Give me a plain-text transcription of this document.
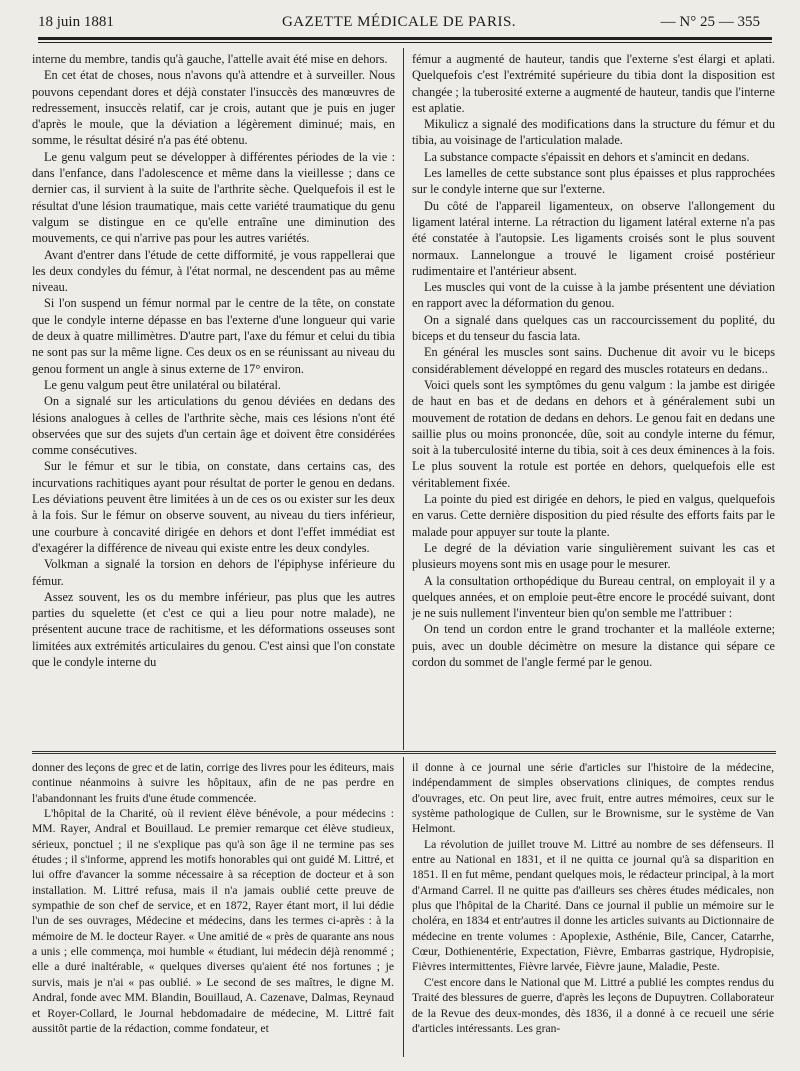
18 juin 1881	GAZETTE MÉDICALE DE PARIS.	— N° 25 — 355

interne du membre, tandis qu'à gauche, l'attelle avait été mise en dehors.

En cet état de choses, nous n'avons qu'à attendre et à surveiller. Nous pouvons cependant dores et déjà constater l'insuccès des manœuvres de redressement, insuccès relatif, car je crois, autant que je puis en juger d'après le moule, que la déviation a légèrement diminué; mais, en somme, le résultat désiré n'a pas été obtenu.

Le genu valgum peut se développer à différentes périodes de la vie : dans l'enfance, dans l'adolescence et même dans la vieillesse ; dans ce dernier cas, il survient à la suite de l'arthrite sèche. Quelquefois il est le résultat d'une lésion traumatique, mais cette variété traumatique du genu valgum se distingue en ce qu'elle entraîne une diminution des mouvements, ce qui n'arrive pas pour les autres variétés.

Avant d'entrer dans l'étude de cette difformité, je vous rappellerai que les deux condyles du fémur, à l'état normal, ne descendent pas au même niveau.

Si l'on suspend un fémur normal par le centre de la tête, on constate que le condyle interne dépasse en bas l'externe d'une longueur qui varie de deux à quatre millimètres. D'autre part, l'axe du fémur et celui du tibia ne sont pas sur la même ligne. Ces deux os en se réunissant au niveau du genou forment un angle à sinus externe de 17° environ.

Le genu valgum peut être unilatéral ou bilatéral.

On a signalé sur les articulations du genou déviées en dedans des lésions analogues à celles de l'arthrite sèche, mais ces lésions n'ont été observées que sur des sujets d'un certain âge et doivent être considérées comme consécutives.

Sur le fémur et sur le tibia, on constate, dans certains cas, des incurvations rachitiques ayant pour résultat de porter le genou en dedans. Les déviations peuvent être limitées à un de ces os ou exister sur les deux à la fois. Sur le fémur on observe souvent, au niveau du tiers inférieur, une courbure à concavité dirigée en dehors et dont l'effet immédiat est d'exagérer la différence de niveau qui existe entre les deux condyles.

Volkman a signalé la torsion en dehors de l'épiphyse inférieure du fémur.

Assez souvent, les os du membre inférieur, pas plus que les autres parties du squelette (et c'est ce qui a lieu pour notre malade), ne présentent aucune trace de rachitisme, et les déformations osseuses sont limitées aux extrémités articulaires du genou. C'est ainsi que l'on constate que le condyle interne du

fémur a augmenté de hauteur, tandis que l'externe s'est élargi et aplati. Quelquefois c'est l'extrémité supérieure du tibia dont la disposition est changée ; la tuberosité externe a augmenté de hauteur, tandis que l'interne est aplatie.

Mikulicz a signalé des modifications dans la structure du fémur et du tibia, au voisinage de l'articulation malade.

La substance compacte s'épaissit en dehors et s'amincit en dedans.

Les lamelles de cette substance sont plus épaisses et plus rapprochées sur le condyle interne que sur l'externe.

Du côté de l'appareil ligamenteux, on observe l'allongement du ligament latéral interne. La rétraction du ligament latéral externe n'a pas été constatée à l'autopsie. Les ligaments croisés sont le plus souvent normaux. Lannelongue a trouvé le ligament croisé postérieur rudimentaire et l'antérieur absent.

Les muscles qui vont de la cuisse à la jambe présentent une déviation en rapport avec la déformation du genou.

On a signalé dans quelques cas un raccourcissement du poplité, du biceps et du tenseur du fascia lata.

En général les muscles sont sains. Duchenue dit avoir vu le biceps considérablement développé en regard des muscles rotateurs en dedans..

Voici quels sont les symptômes du genu valgum : la jambe est dirigée de haut en bas et de dedans en dehors et à généralement subi un mouvement de rotation de dedans en dehors. Le genou fait en dedans une saillie plus ou moins prononcée, dûe, soit au condyle interne du fémur, soit à la tuberculosité interne du tibia, soit à ces deux éminences à la fois. Le plus souvent la rotule est portée en dehors, quelquefois elle est véritablement fixée.

La pointe du pied est dirigée en dehors, le pied en valgus, quelquefois en varus. Cette dernière disposition du pied résulte des efforts faits par le malade pour appuyer sur toute la plante.

Le degré de la déviation varie singulièrement suivant les cas et plusieurs moyens sont mis en usage pour le mesurer.

A la consultation orthopédique du Bureau central, on employait il y a quelques années, et on emploie peut-être encore le procédé suivant, dont je ne suis nullement l'inventeur bien qu'on semble me l'attribuer :

On tend un cordon entre le grand trochanter et la malléole externe; puis, avec un double décimètre on mesure la distance qui sépare ce cordon du sommet de l'angle fermé par le genou.

donner des leçons de grec et de latin, corrige des livres pour les éditeurs, mais continue néanmoins à suivre les hôpitaux, afin de ne pas perdre en l'abandonnant les fruits d'une étude commencée.

L'hôpital de la Charité, où il revient élève bénévole, a pour médecins : MM. Rayer, Andral et Bouillaud. Le premier remarque cet élève studieux, sérieux, ponctuel ; il ne s'explique pas qu'à son âge il ne termine pas ses études ; il s'informe, apprend les motifs honorables qui ont guidé M. Littré, et lui offre d'avancer la somme nécessaire à sa réception de docteur et à son installation. M. Littré refusa, mais il n'a jamais oublié cette preuve de sympathie de son chef de service, et en 1872, Rayer étant mort, il lui dédie l'un de ses ouvrages, Médecine et médecins, dans les termes ci-après : à la mémoire de M. le docteur Rayer. « Une amitié de « près de quarante ans nous a unis ; elle commença, moi humble « étudiant, lui médecin déjà renommé ; elle a duré inaltérable, « quelques diverses qu'aient été nos fortunes ; je survis, mais je n'ai « pas oublié. » Le second de ses maîtres, le digne M. Andral, fonde avec MM. Blandin, Bouillaud, A. Cazenave, Dalmas, Reynaud et Royer-Collard, le Journal hebdomadaire de médecine, M. Littré fait aussitôt partie de la rédaction, comme fondateur, et

il donne à ce journal une série d'articles sur l'histoire de la médecine, indépendamment de simples observations cliniques, de comptes rendus d'ouvrages, etc. On peut lire, avec fruit, entre autres mémoires, ceux sur le système pathologique de Cullen, sur le Brownisme, sur le système de Van Helmont.

La révolution de juillet trouve M. Littré au nombre de ses défenseurs. Il entre au National en 1831, et il ne quitta ce journal qu'à sa disparition en 1851. Il en fut même, pendant quelques mois, le rédacteur principal, à la mort d'Armand Carrel. Il ne quitte pas d'ailleurs ses chères études médicales, non plus que l'hôpital de la Charité. Dans ce journal il publie un mémoire sur le choléra, en 1834 et entr'autres il donne les articles suivants au Dictionnaire de médecine en trente volumes : Apoplexie, Asthénie, Bile, Cancer, Catarrhe, Cœur, Dothienentérie, Expectation, Fièvre, Embarras gastrique, Hydropisie, Fièvres intermittentes, Fièvre larvée, Fièvre jaune, Maladie, Peste.

C'est encore dans le National que M. Littré a publié les comptes rendus du Traité des blessures de guerre, d'après les leçons de Dupuytren. Collaborateur de la Revue des deux-mondes, dès 1836, il a donné à ce recueil une série d'articles intéressants. Les gran-
